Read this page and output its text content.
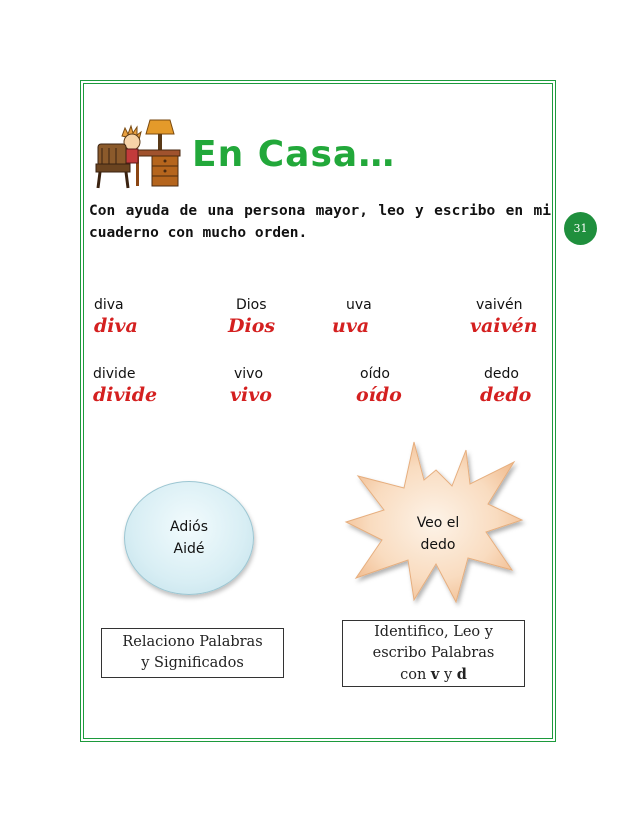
En Casa…
Con ayuda de una persona mayor, leo y escribo en mi cuaderno con mucho orden.	31
diva
diva
Dios
Dios
uva
uva
vaivén
vaivén
divide
divide
vivo
vivo
oído
oído
dedo
dedo
Adiós
Aidé
Veo el
dedo
Relaciono Palabras
y Significados
Identifico, Leo y
escribo Palabras
con v y d
